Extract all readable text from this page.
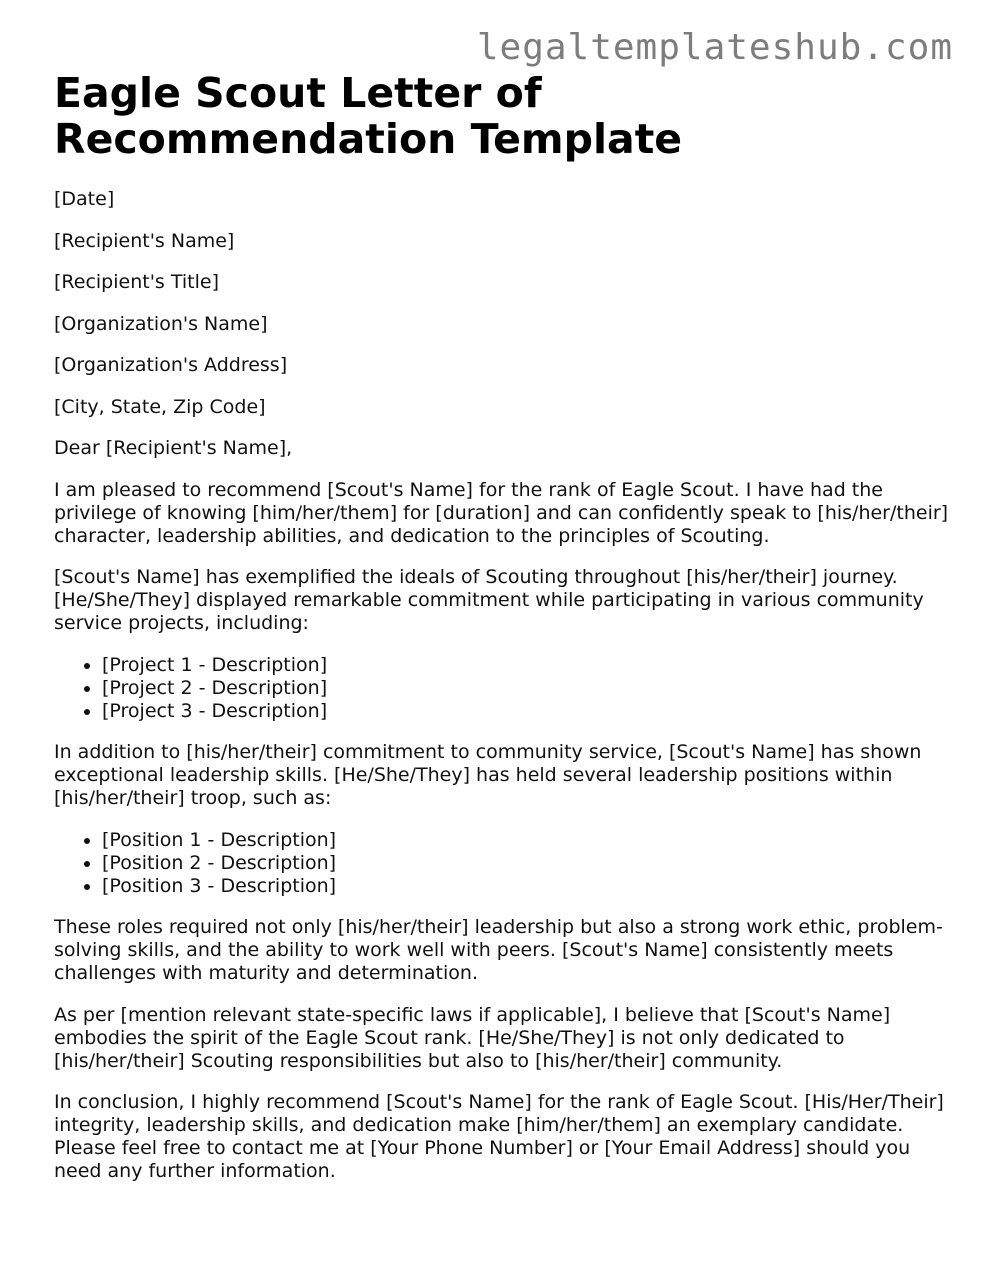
legaltemplateshub.com
Eagle Scout Letter of Recommendation Template

[Date]

[Recipient's Name]

[Recipient's Title]

[Organization's Name]

[Organization's Address]

[City, State, Zip Code]

Dear [Recipient's Name],

I am pleased to recommend [Scout's Name] for the rank of Eagle Scout. I have had the privilege of knowing [him/her/them] for [duration] and can confidently speak to [his/her/their] character, leadership abilities, and dedication to the principles of Scouting.

[Scout's Name] has exemplified the ideals of Scouting throughout [his/her/their] journey. [He/She/They] displayed remarkable commitment while participating in various community service projects, including:

• [Project 1 - Description]
• [Project 2 - Description]
• [Project 3 - Description]

In addition to [his/her/their] commitment to community service, [Scout's Name] has shown exceptional leadership skills. [He/She/They] has held several leadership positions within [his/her/their] troop, such as:

• [Position 1 - Description]
• [Position 2 - Description]
• [Position 3 - Description]

These roles required not only [his/her/their] leadership but also a strong work ethic, problem-solving skills, and the ability to work well with peers. [Scout's Name] consistently meets challenges with maturity and determination.

As per [mention relevant state-specific laws if applicable], I believe that [Scout's Name] embodies the spirit of the Eagle Scout rank. [He/She/They] is not only dedicated to [his/her/their] Scouting responsibilities but also to [his/her/their] community.

In conclusion, I highly recommend [Scout's Name] for the rank of Eagle Scout. [His/Her/Their] integrity, leadership skills, and dedication make [him/her/them] an exemplary candidate. Please feel free to contact me at [Your Phone Number] or [Your Email Address] should you need any further information.
